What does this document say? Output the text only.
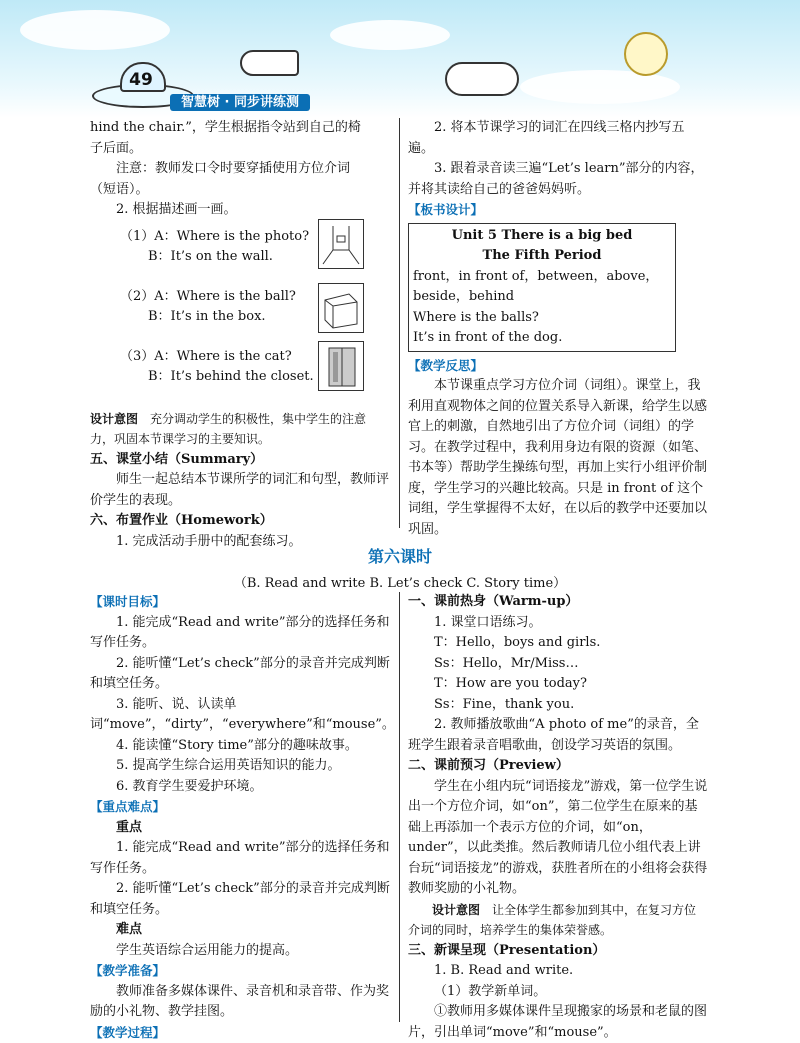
49
智慧树 · 同步讲练测

hind the chair.”，学生根据指令站到自己的椅

子后面。

注意：教师发口令时要穿插使用方位介词

（短语）。

2. 根据描述画一画。

（1）A：Where is the photo?

B：It’s on the wall.

（2）A：Where is the ball?

B：It’s in the box.

（3）A：Where is the cat?

B：It’s behind the closet.

设计意图　 充分调动学生的积极性，集中学生的注意力，巩固本节课学习的主要知识。

五、课堂小结（Summary）

师生一起总结本节课所学的词汇和句型，教师评价学生的表现。

六、布置作业（Homework）

1. 完成活动手册中的配套练习。

2. 将本节课学习的词汇在四线三格内抄写五遍。

3. 跟着录音读三遍“Let’s learn”部分的内容，并将其读给自己的爸爸妈妈听。

【板书设计】

Unit 5 There is a big bed

The Fifth Period

front，in front of，between，above，beside，behind

Where is the balls?

It’s in front of the dog.

【教学反思】

本节课重点学习方位介词（词组）。课堂上，我利用直观物体之间的位置关系导入新课，给学生以感官上的刺激，自然地引出了方位介词（词组）的学习。在教学过程中，我利用身边有限的资源（如笔、书本等）帮助学生操练句型，再加上实行小组评价制度，学生学习的兴趣比较高。只是 in front of 这个词组，学生掌握得不太好，在以后的教学中还要加以巩固。

第六课时
（B. Read and write B. Let’s check C. Story time）

【课时目标】

1. 能完成“Read and write”部分的选择任务和写作任务。

2. 能听懂“Let’s check”部分的录音并完成判断和填空任务。

3. 能听、说、认读单词“move”，“dirty”，“everywhere”和“mouse”。

4. 能读懂“Story time”部分的趣味故事。

5. 提高学生综合运用英语知识的能力。

6. 教育学生要爱护环境。

【重点难点】

重点

1. 能完成“Read and write”部分的选择任务和写作任务。

2. 能听懂“Let’s check”部分的录音并完成判断和填空任务。

难点

学生英语综合运用能力的提高。

【教学准备】

教师准备多媒体课件、录音机和录音带、作为奖励的小礼物、教学挂图。

【教学过程】

一、课前热身（Warm-up）

1. 课堂口语练习。

T：Hello，boys and girls.

Ss：Hello，Mr/Miss…

T：How are you today?

Ss：Fine，thank you.

2. 教师播放歌曲“A photo of me”的录音，全班学生跟着录音唱歌曲，创设学习英语的氛围。

二、课前预习（Preview）

学生在小组内玩“词语接龙”游戏，第一位学生说出一个方位介词，如“on”，第二位学生在原来的基础上再添加一个表示方位的介词，如“on，under”，以此类推。然后教师请几位小组代表上讲台玩“词语接龙”的游戏，获胜者所在的小组将会获得教师奖励的小礼物。

设计意图　 让全体学生都参加到其中，在复习方位介词的同时，培养学生的集体荣誉感。

三、新课呈现（Presentation）

1. B. Read and write.

（1）教学新单词。

①教师用多媒体课件呈现搬家的场景和老鼠的图片，引出单词“move”和“mouse”。
